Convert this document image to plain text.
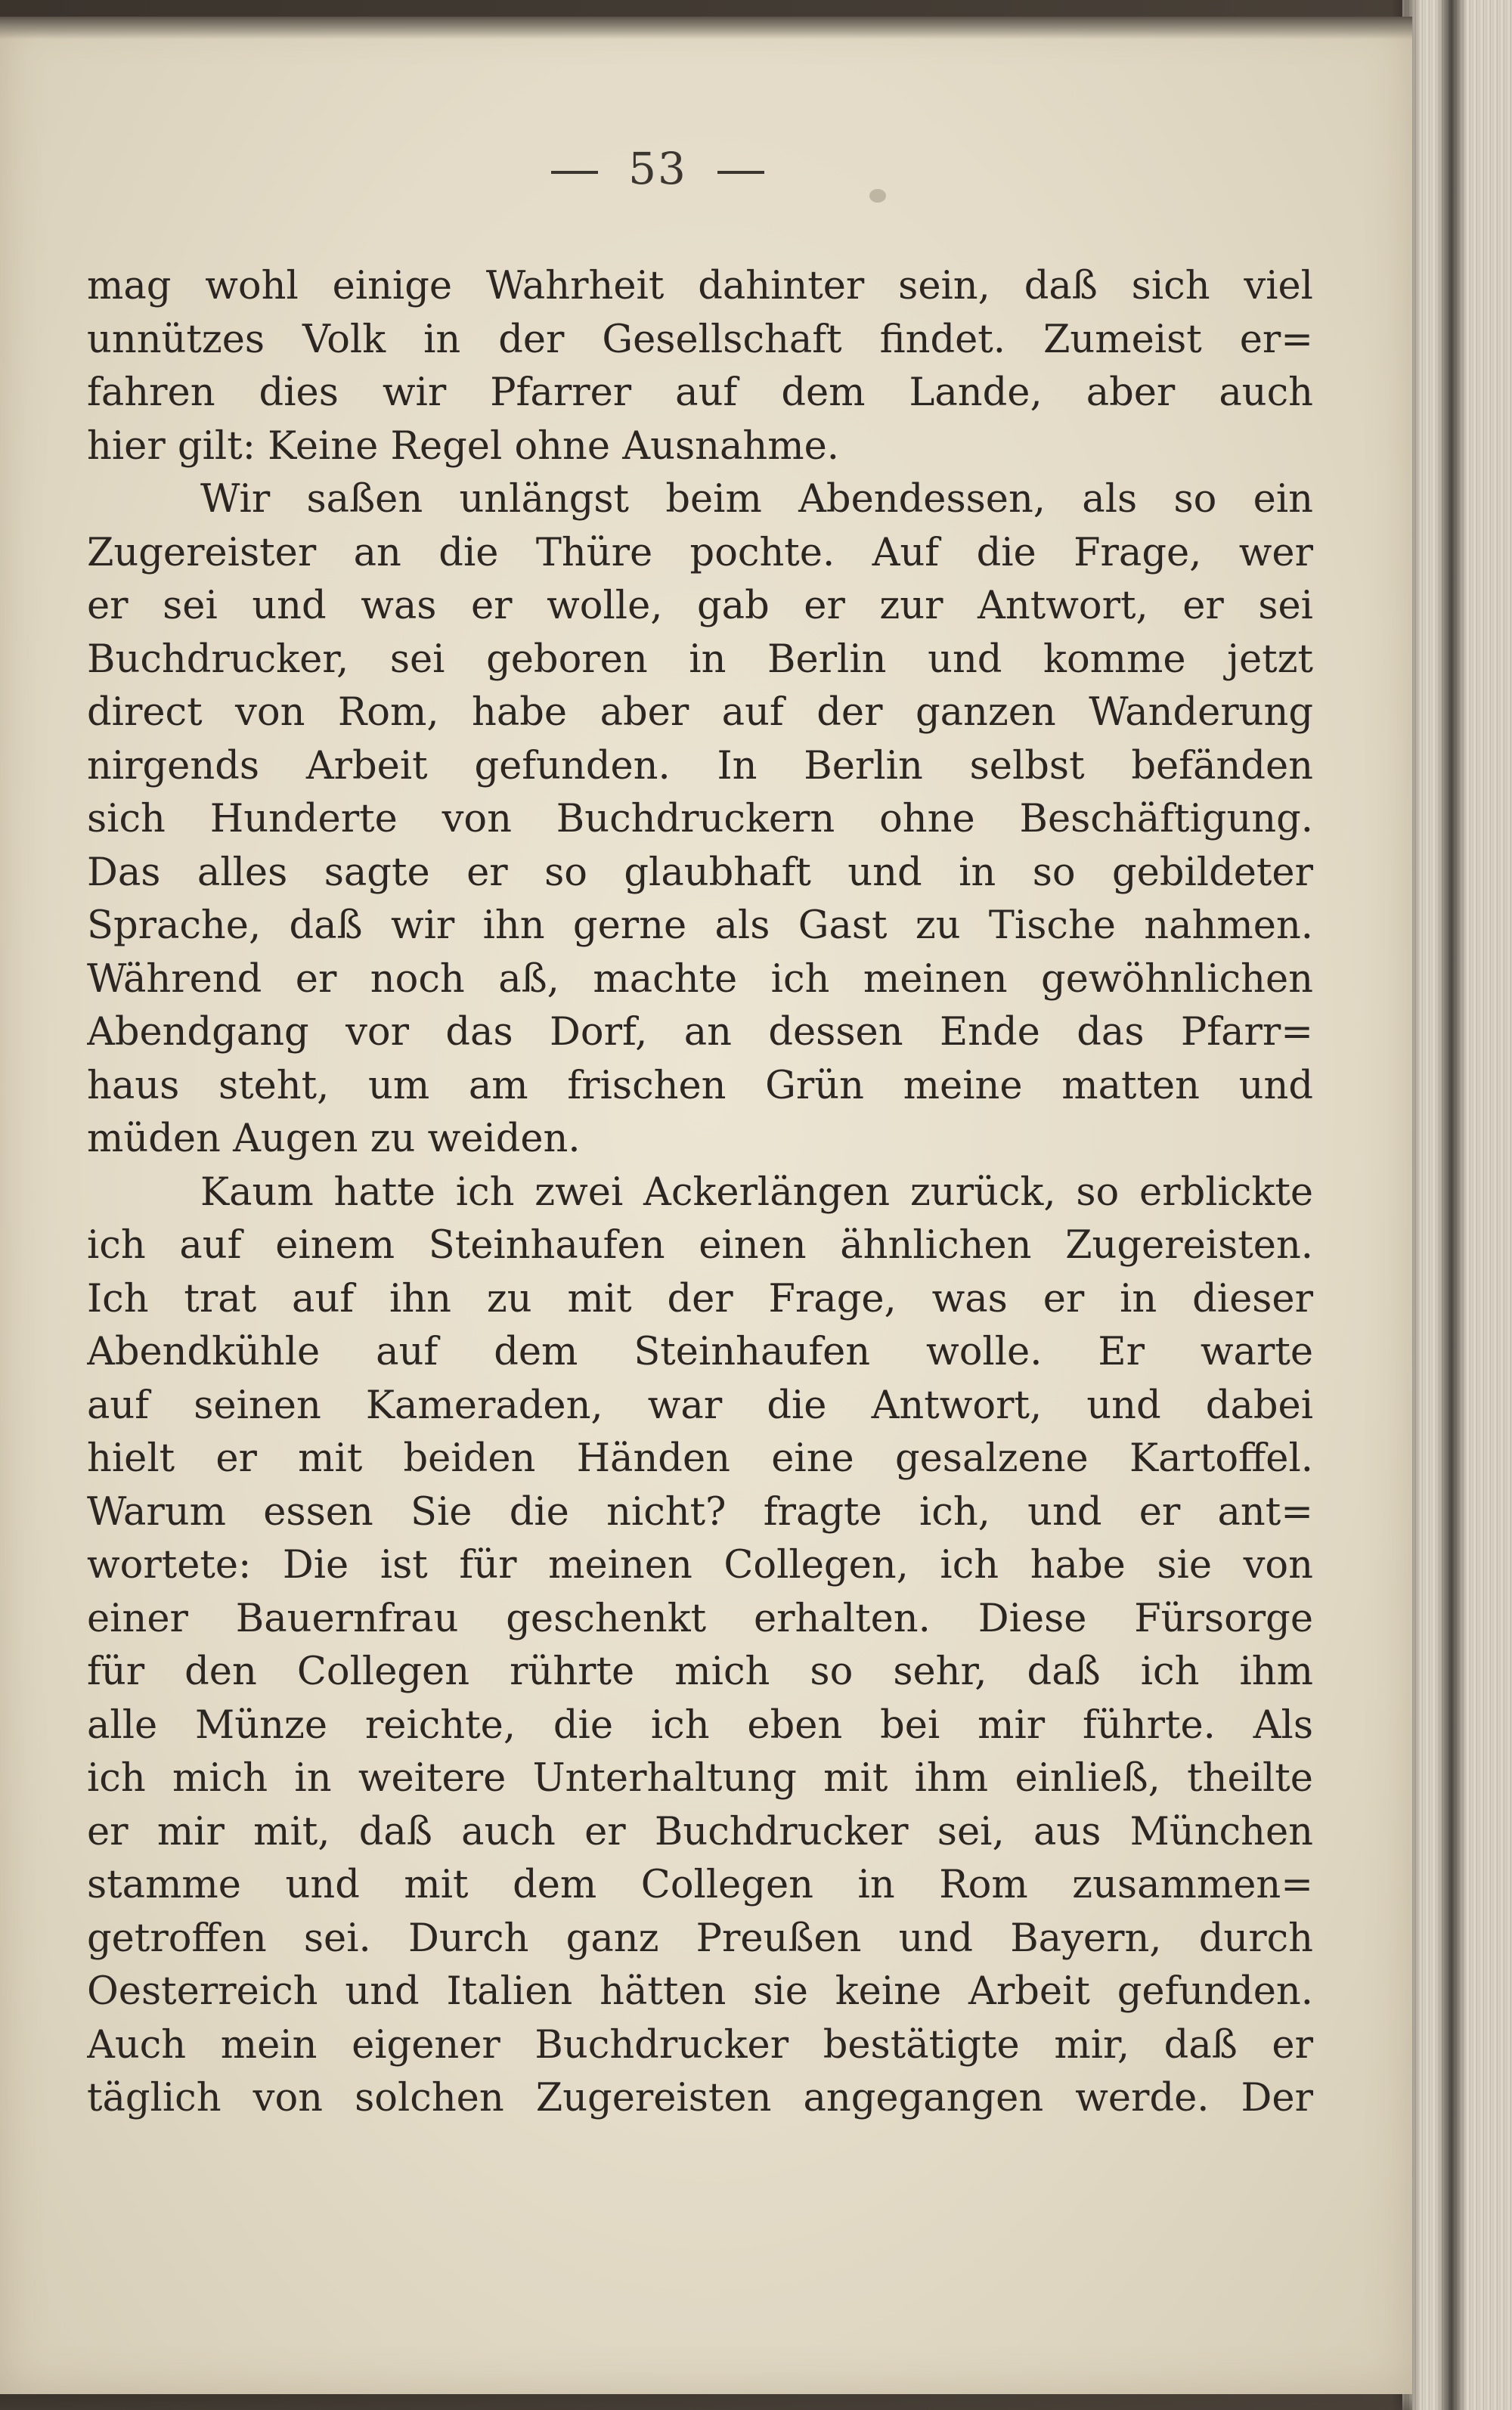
53
mag wohl einige Wahrheit dahinter sein, daß sich viel
unnützes Volk in der Gesellschaft findet. Zumeist er=
fahren dies wir Pfarrer auf dem Lande, aber auch
hier gilt: Keine Regel ohne Ausnahme.
Wir saßen unlängst beim Abendessen, als so ein
Zugereister an die Thüre pochte. Auf die Frage, wer
er sei und was er wolle, gab er zur Antwort, er sei
Buchdrucker, sei geboren in Berlin und komme jetzt
direct von Rom, habe aber auf der ganzen Wanderung
nirgends Arbeit gefunden. In Berlin selbst befänden
sich Hunderte von Buchdruckern ohne Beschäftigung.
Das alles sagte er so glaubhaft und in so gebildeter
Sprache, daß wir ihn gerne als Gast zu Tische nahmen.
Während er noch aß, machte ich meinen gewöhnlichen
Abendgang vor das Dorf, an dessen Ende das Pfarr=
haus steht, um am frischen Grün meine matten und
müden Augen zu weiden.
Kaum hatte ich zwei Ackerlängen zurück, so erblickte
ich auf einem Steinhaufen einen ähnlichen Zugereisten.
Ich trat auf ihn zu mit der Frage, was er in dieser
Abendkühle auf dem Steinhaufen wolle. Er warte
auf seinen Kameraden, war die Antwort, und dabei
hielt er mit beiden Händen eine gesalzene Kartoffel.
Warum essen Sie die nicht? fragte ich, und er ant=
wortete: Die ist für meinen Collegen, ich habe sie von
einer Bauernfrau geschenkt erhalten. Diese Fürsorge
für den Collegen rührte mich so sehr, daß ich ihm
alle Münze reichte, die ich eben bei mir führte. Als
ich mich in weitere Unterhaltung mit ihm einließ, theilte
er mir mit, daß auch er Buchdrucker sei, aus München
stamme und mit dem Collegen in Rom zusammen=
getroffen sei. Durch ganz Preußen und Bayern, durch
Oesterreich und Italien hätten sie keine Arbeit gefunden.
Auch mein eigener Buchdrucker bestätigte mir, daß er
täglich von solchen Zugereisten angegangen werde. Der
